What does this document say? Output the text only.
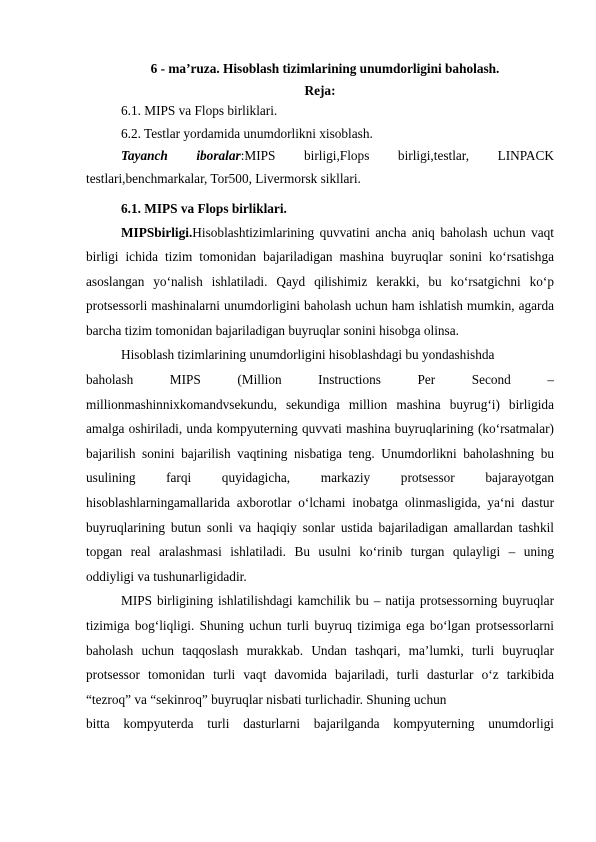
6 - ma’ruza. Hisoblash tizimlarining unumdorligini baholash.

Reja:

6.1. MIPS va Flops birliklari.

6.2. Testlar yordamida unumdorlikni xisoblash.

Tayanch iboralar:MIPS birligi,Flops birligi,testlar, LINPACK

testlari,benchmarkalar, Tor500, Livermorsk sikllari.

6.1. MIPS va Flops birliklari.

MIPSbirligi.Hisoblashtizimlarining quvvatini ancha aniq baholash uchun vaqt birligi ichida tizim tomonidan bajariladigan mashina buyruqlar sonini ko‘rsatishga asoslangan yo‘nalish ishlatiladi. Qayd qilishimiz kerakki, bu ko‘rsatgichni ko‘p protsessorli mashinalarni unumdorligini baholash uchun ham ishlatish mumkin, agarda barcha tizim tomonidan bajariladigan buyruqlar sonini hisobga olinsa.

Hisoblash tizimlarining unumdorligini hisoblashdagi bu yondashishda

baholash	MIPS	(Million	Instructions	Per	Second	–

millionmashinnixkomandvsekundu, sekundiga million mashina buyrug‘i) birligida amalga oshiriladi, unda kompyuterning quvvati mashina buyruqlarining (ko‘rsatmalar) bajarilish sonini bajarilish vaqtining nisbatiga teng. Unumdorlikni baholashning bu usulining farqi quyidagicha, markaziy protsessor bajarayotgan hisoblashlarningamallarida axborotlar o‘lchami inobatga olinmasligida, ya‘ni dastur buyruqlarining butun sonli va haqiqiy sonlar ustida bajariladigan amallardan tashkil topgan real aralashmasi ishlatiladi. Bu usulni ko‘rinib turgan qulayligi – uning oddiyligi va tushunarligidadir.

MIPS birligining ishlatilishdagi kamchilik bu – natija protsessorning buyruqlar tizimiga bog‘liqligi. Shuning uchun turli buyruq tizimiga ega bo‘lgan protsessorlarni baholash uchun taqqoslash murakkab. Undan tashqari, ma’lumki, turli buyruqlar protsessor tomonidan turli vaqt davomida bajariladi, turli dasturlar o‘z tarkibida “tezroq” va “sekinroq” buyruqlar nisbati turlichadir. Shuning uchun

bitta kompyuterda turli dasturlarni bajarilganda kompyuterning unumdorligi
